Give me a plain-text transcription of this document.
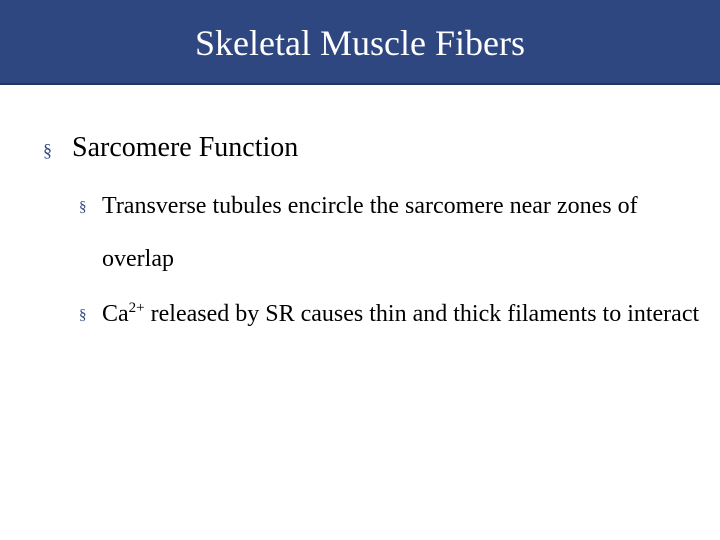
Skeletal Muscle Fibers
§ Sarcomere Function
§ Transverse tubules encircle the sarcomere near zones of overlap
§ $Ca^{2+}$ released by SR causes thin and thick filaments to interact
